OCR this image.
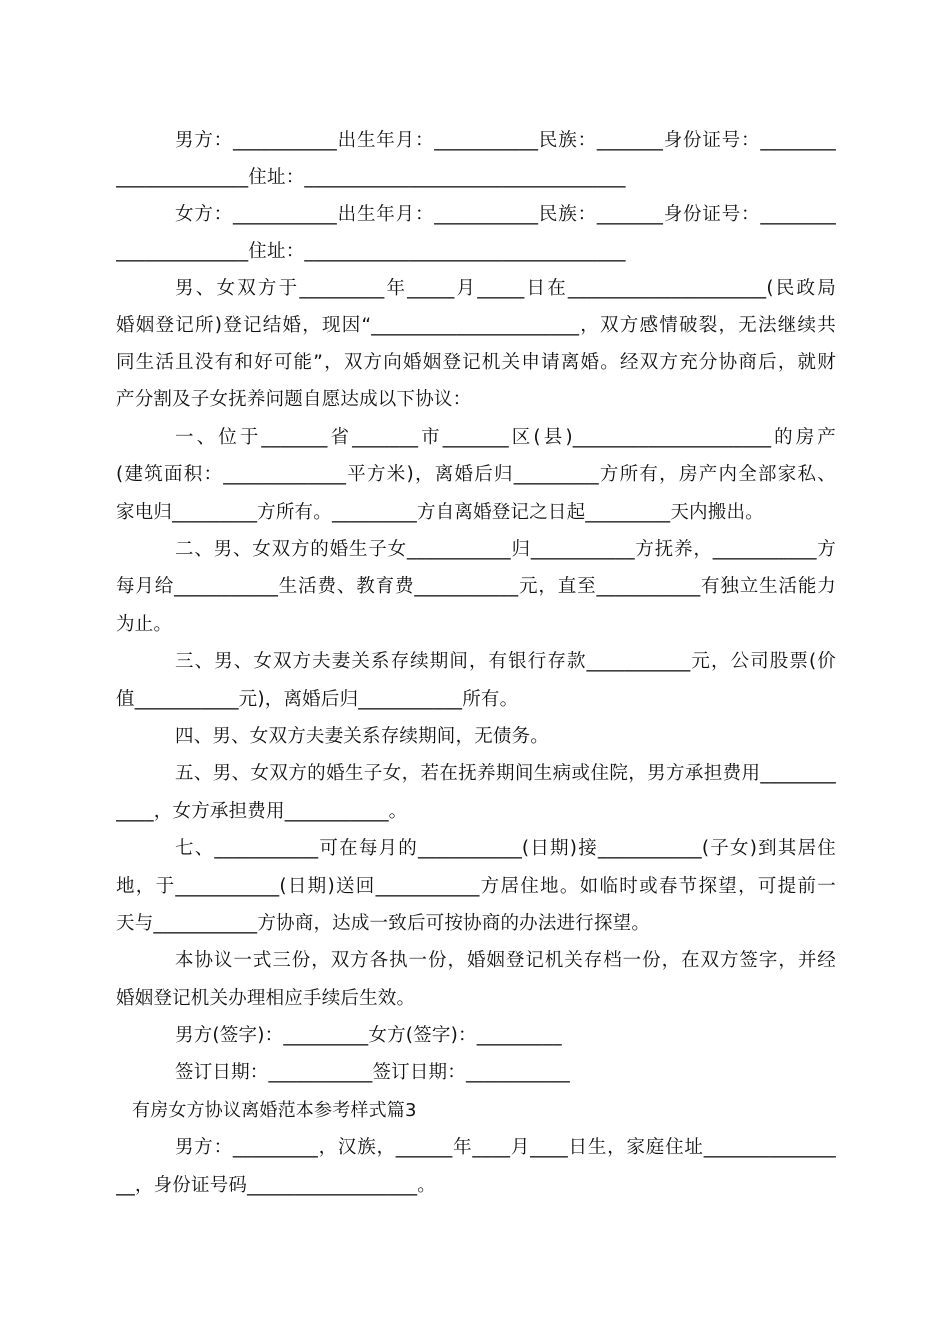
男方：___________出生年月：___________民族：_______身份证号：________
______________住址：__________________________________
女方：___________出生年月：___________民族：_______身份证号：________
______________住址：__________________________________
男、女双方于_________年_____月_____日在_____________________(民政局
婚姻登记所)登记结婚，现因“______________________，双方感情破裂，无法继续共
同生活且没有和好可能”，双方向婚姻登记机关申请离婚。经双方充分协商后，就财
产分割及子女抚养问题自愿达成以下协议：
一、位于_______省_______市_______区(县)_____________________的房产
(建筑面积：_____________平方米)，离婚后归_________方所有，房产内全部家私、
家电归_________方所有。_________方自离婚登记之日起_________天内搬出。
二、男、女双方的婚生子女___________归___________方抚养，___________方
每月给___________生活费、教育费___________元，直至___________有独立生活能力
为止。
三、男、女双方夫妻关系存续期间，有银行存款___________元，公司股票(价
值___________元)，离婚后归___________所有。
四、男、女双方夫妻关系存续期间，无债务。
五、男、女双方的婚生子女，若在抚养期间生病或住院，男方承担费用________
____，女方承担费用___________。
七、___________可在每月的___________(日期)接___________(子女)到其居住
地，于___________(日期)送回___________方居住地。如临时或春节探望，可提前一
天与___________方协商，达成一致后可按协商的办法进行探望。
本协议一式三份，双方各执一份，婚姻登记机关存档一份，在双方签字，并经
婚姻登记机关办理相应手续后生效。
男方(签字)：_________女方(签字)：_________
签订日期：___________签订日期：___________
有房女方协议离婚范本参考样式篇3
男方：_________，汉族，______年____月____日生，家庭住址______________
__，身份证号码__________________。
